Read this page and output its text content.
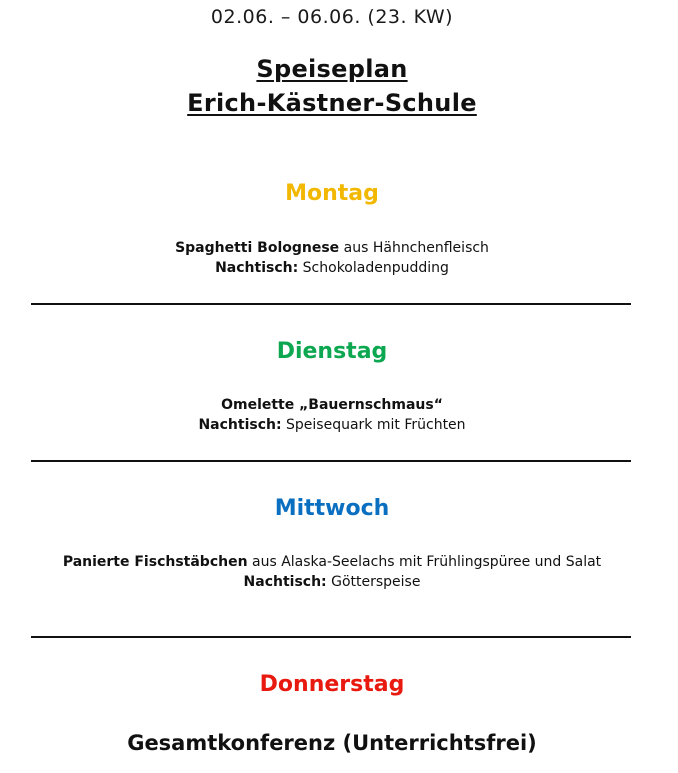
02.06. – 06.06. (23. KW)
Speiseplan
Erich-Kästner-Schule
Montag
Spaghetti Bolognese aus Hähnchenfleisch
Nachtisch: Schokoladenpudding
Dienstag
Omelette „Bauernschmaus“
Nachtisch: Speisequark mit Früchten
Mittwoch
Panierte Fischstäbchen aus Alaska-Seelachs mit Frühlingspüree und Salat
Nachtisch: Götterspeise
Donnerstag
Gesamtkonferenz (Unterrichtsfrei)
